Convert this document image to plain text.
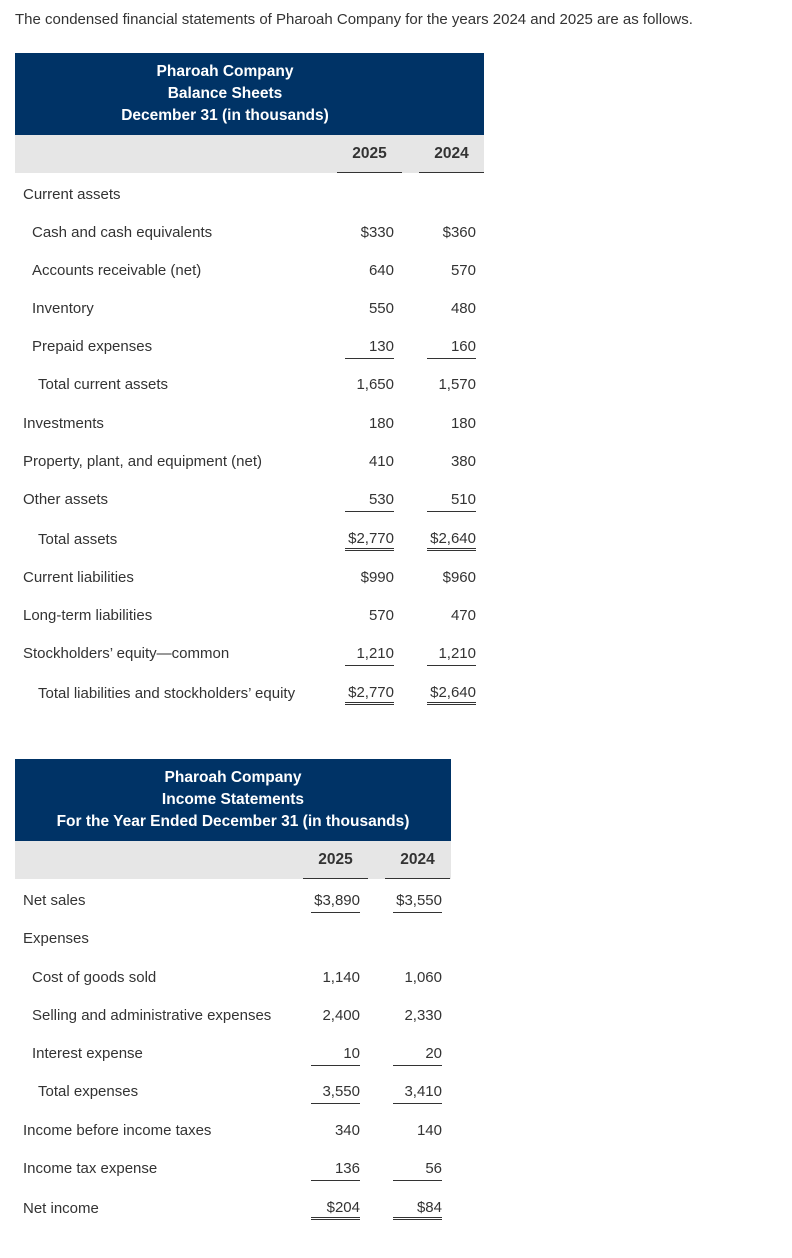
The condensed financial statements of Pharoah Company for the years 2024 and 2025 are as follows.
Pharoah Company
Balance Sheets
December 31 (in thousands)
2025	2024
Current assets
Cash and cash equivalents	$330	$360
Accounts receivable (net)	640	570
Inventory	550	480
Prepaid expenses	130	160
Total current assets	1,650	1,570
Investments	180	180
Property, plant, and equipment (net)	410	380
Other assets	530	510
Total assets	$2,770 $2,640
Current liabilities	$990	$960
Long-term liabilities	570	470
Stockholders’ equity—common	1,210	1,210
Total liabilities and stockholders’ equity	$2,770 $2,640
Pharoah Company
Income Statements
For the Year Ended December 31 (in thousands)
2025	2024
Net sales	$3,890 $3,550
Expenses
Cost of goods sold	1,140	1,060
Selling and administrative expenses	2,400	2,330
Interest expense	10	20
Total expenses	3,550	3,410
Income before income taxes	340	140
Income tax expense	136	56
Net income	$204	$84
